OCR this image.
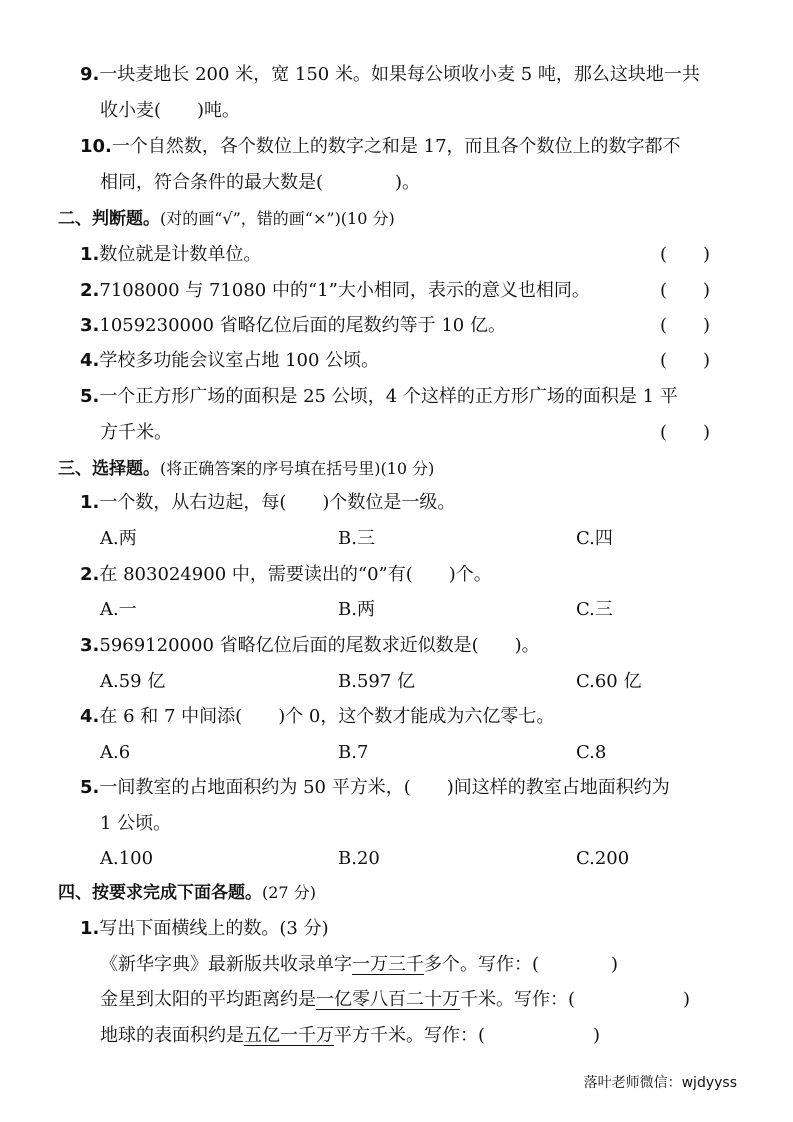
9.一块麦地长 200 米，宽 150 米。如果每公顷收小麦 5 吨，那么这块地一共
收小麦(　　)吨。
10.一个自然数，各个数位上的数字之和是 17，而且各个数位上的数字都不
相同，符合条件的最大数是(　　　　)。
二、判断题。(对的画“√”，错的画“×”)(10 分)
1.数位就是计数单位。	(　　)
2.7108000 与 71080 中的“1”大小相同，表示的意义也相同。	(　　)
3.1059230000 省略亿位后面的尾数约等于 10 亿。	(　　)
4.学校多功能会议室占地 100 公顷。	(　　)
5.一个正方形广场的面积是 25 公顷，4 个这样的正方形广场的面积是 1 平
方千米。	(　　)
三、选择题。(将正确答案的序号填在括号里)(10 分)
1.一个数，从右边起，每(　　)个数位是一级。
A.两	B.三	C.四
2.在 803024900 中，需要读出的“0”有(　　)个。
A.一	B.两	C.三
3.5969120000 省略亿位后面的尾数求近似数是(　　)。
A.59 亿	B.597 亿	C.60 亿
4.在 6 和 7 中间添(　　)个 0，这个数才能成为六亿零七。
A.6	B.7	C.8
5.一间教室的占地面积约为 50 平方米，(　　)间这样的教室占地面积约为
1 公顷。
A.100	B.20	C.200
四、按要求完成下面各题。(27 分)
1.写出下面横线上的数。(3 分)
《新华字典》最新版共收录单字一万三千多个。写作：(　　　　)
金星到太阳的平均距离约是一亿零八百二十万千米。写作：(　　　　　　)
地球的表面积约是五亿一千万平方千米。写作：(　　　　　　)
落叶老师微信：wjdyyss
